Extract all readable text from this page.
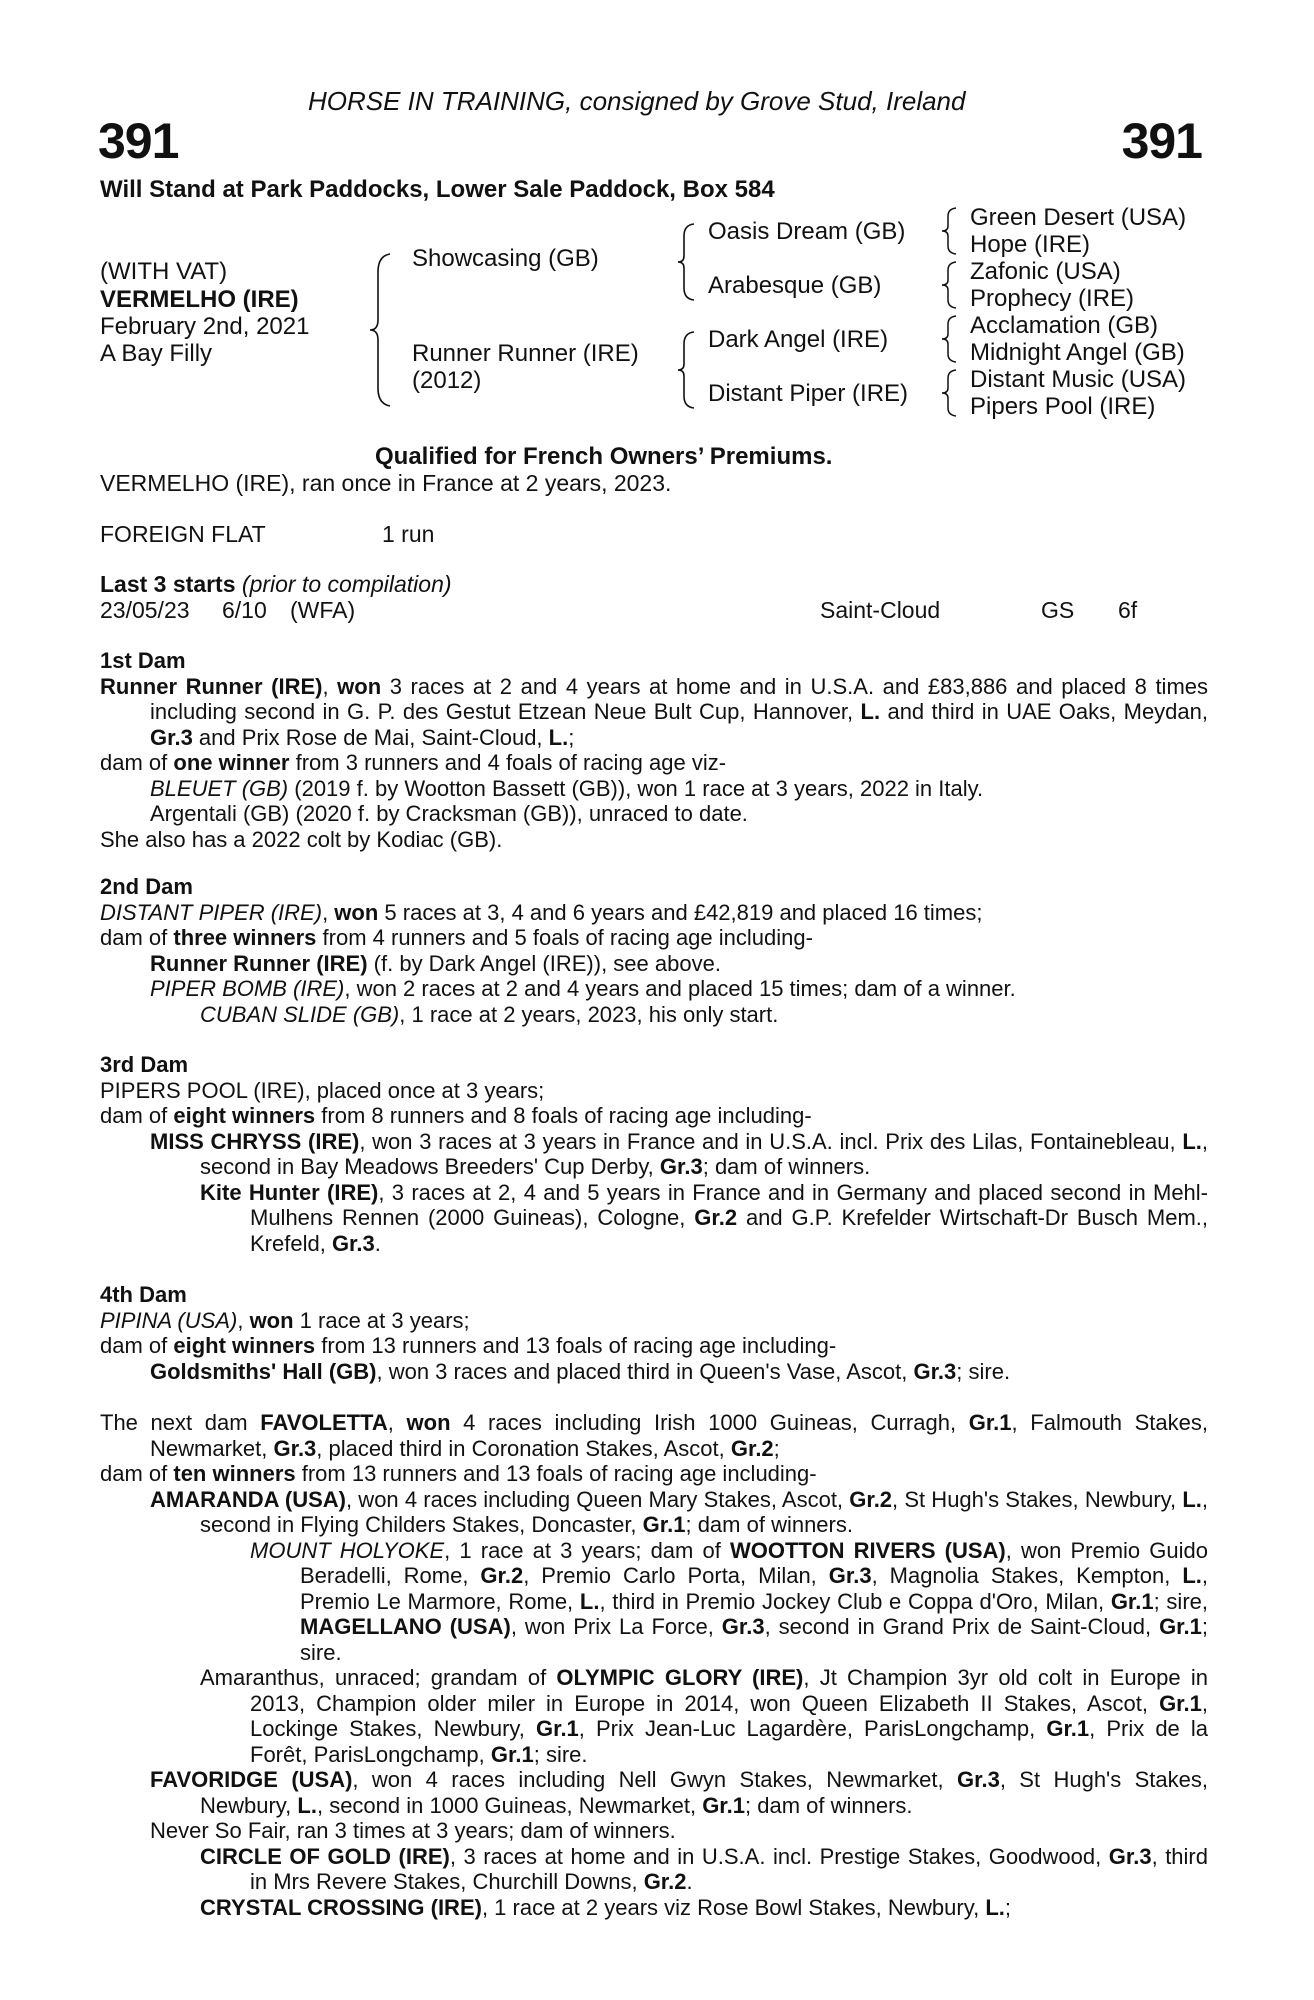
HORSE IN TRAINING, consigned by Grove Stud, Ireland
391	391
Will Stand at Park Paddocks, Lower Sale Paddock, Box 584
(WITH VAT)
VERMELHO (IRE)
February 2nd, 2021
A Bay Filly
Showcasing (GB)
Runner Runner (IRE)
(2012)
Oasis Dream (GB)
Arabesque (GB)
Dark Angel (IRE)
Distant Piper (IRE)
Green Desert (USA)
Hope (IRE)
Zafonic (USA)
Prophecy (IRE)
Acclamation (GB)
Midnight Angel (GB)
Distant Music (USA)
Pipers Pool (IRE)
Qualified for French Owners’ Premiums.
VERMELHO (IRE), ran once in France at 2 years, 2023.
FOREIGN FLAT	1 run
Last 3 starts (prior to compilation)
23/05/23 6/10 (WFA)	Saint-Cloud	GS 6f

1st Dam

Runner Runner (IRE), won 3 races at 2 and 4 years at home and in U.S.A. and £83,886 and placed 8 times including second in G. P. des Gestut Etzean Neue Bult Cup, Hannover, L. and third in UAE Oaks, Meydan, Gr.3 and Prix Rose de Mai, Saint-Cloud, L.;

dam of one winner from 3 runners and 4 foals of racing age viz-

BLEUET (GB) (2019 f. by Wootton Bassett (GB)), won 1 race at 3 years, 2022 in Italy.

Argentali (GB) (2020 f. by Cracksman (GB)), unraced to date.

She also has a 2022 colt by Kodiac (GB).

2nd Dam

DISTANT PIPER (IRE), won 5 races at 3, 4 and 6 years and £42,819 and placed 16 times;

dam of three winners from 4 runners and 5 foals of racing age including-

Runner Runner (IRE) (f. by Dark Angel (IRE)), see above.

PIPER BOMB (IRE), won 2 races at 2 and 4 years and placed 15 times; dam of a winner.

CUBAN SLIDE (GB), 1 race at 2 years, 2023, his only start.

3rd Dam

PIPERS POOL (IRE), placed once at 3 years;

dam of eight winners from 8 runners and 8 foals of racing age including-

MISS CHRYSS (IRE), won 3 races at 3 years in France and in U.S.A. incl. Prix des Lilas, Fontainebleau, L., second in Bay Meadows Breeders' Cup Derby, Gr.3; dam of winners.

Kite Hunter (IRE), 3 races at 2, 4 and 5 years in France and in Germany and placed second in Mehl-Mulhens Rennen (2000 Guineas), Cologne, Gr.2 and G.P. Krefelder Wirtschaft-Dr Busch Mem., Krefeld, Gr.3.

4th Dam

PIPINA (USA), won 1 race at 3 years;

dam of eight winners from 13 runners and 13 foals of racing age including-

Goldsmiths' Hall (GB), won 3 races and placed third in Queen's Vase, Ascot, Gr.3; sire.

The next dam FAVOLETTA, won 4 races including Irish 1000 Guineas, Curragh, Gr.1, Falmouth Stakes, Newmarket, Gr.3, placed third in Coronation Stakes, Ascot, Gr.2;

dam of ten winners from 13 runners and 13 foals of racing age including-

AMARANDA (USA), won 4 races including Queen Mary Stakes, Ascot, Gr.2, St Hugh's Stakes, Newbury, L., second in Flying Childers Stakes, Doncaster, Gr.1; dam of winners.

MOUNT HOLYOKE, 1 race at 3 years; dam of WOOTTON RIVERS (USA), won Premio Guido Beradelli, Rome, Gr.2, Premio Carlo Porta, Milan, Gr.3, Magnolia Stakes, Kempton, L., Premio Le Marmore, Rome, L., third in Premio Jockey Club e Coppa d'Oro, Milan, Gr.1; sire, MAGELLANO (USA), won Prix La Force, Gr.3, second in Grand Prix de Saint-Cloud, Gr.1; sire.

Amaranthus, unraced; grandam of OLYMPIC GLORY (IRE), Jt Champion 3yr old colt in Europe in 2013, Champion older miler in Europe in 2014, won Queen Elizabeth II Stakes, Ascot, Gr.1, Lockinge Stakes, Newbury, Gr.1, Prix Jean-Luc Lagardère, ParisLongchamp, Gr.1, Prix de la Forêt, ParisLongchamp, Gr.1; sire.

FAVORIDGE (USA), won 4 races including Nell Gwyn Stakes, Newmarket, Gr.3, St Hugh's Stakes, Newbury, L., second in 1000 Guineas, Newmarket, Gr.1; dam of winners.

Never So Fair, ran 3 times at 3 years; dam of winners.

CIRCLE OF GOLD (IRE), 3 races at home and in U.S.A. incl. Prestige Stakes, Goodwood, Gr.3, third in Mrs Revere Stakes, Churchill Downs, Gr.2.

CRYSTAL CROSSING (IRE), 1 race at 2 years viz Rose Bowl Stakes, Newbury, L.;
